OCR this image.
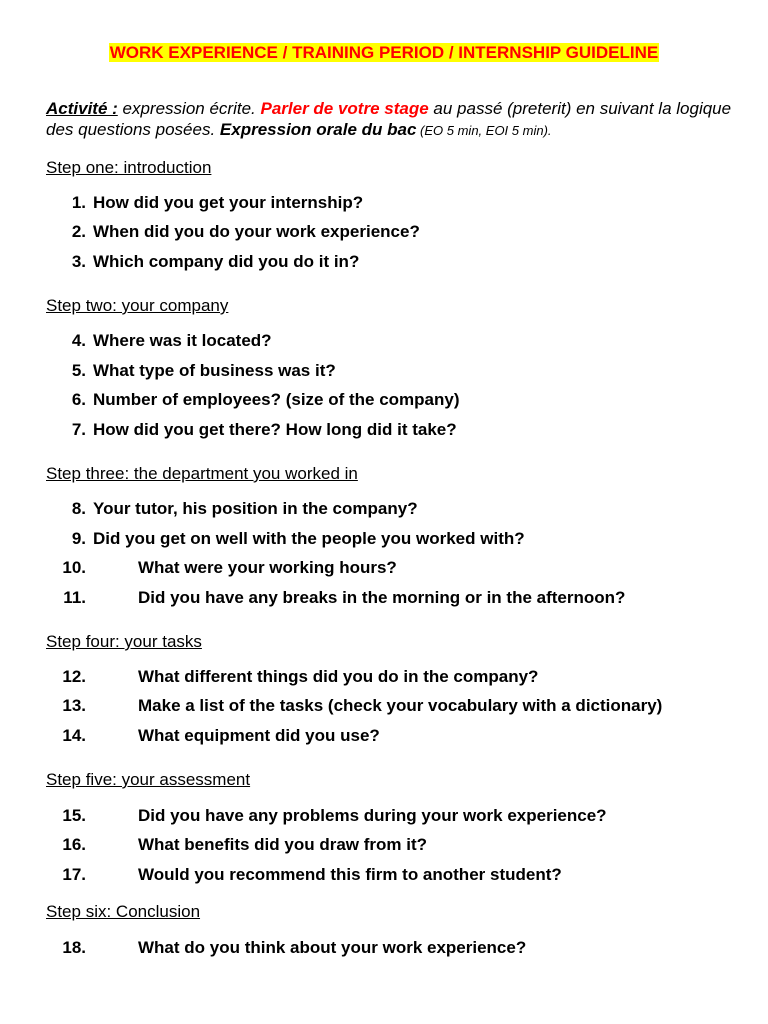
WORK EXPERIENCE / TRAINING PERIOD / INTERNSHIP GUIDELINE
Activité : expression écrite. Parler de votre stage au passé (preterit) en suivant la logique des questions posées. Expression orale du bac (EO 5 min, EOI 5 min).
Step one: introduction
1. How did you get your internship?
2. When did you do your work experience?
3. Which company did you do it in?
Step two: your company
4. Where was it located?
5. What type of business was it?
6. Number of employees? (size of the company)
7. How did you get there? How long did it take?
Step three: the department you worked in
8. Your tutor, his position in the company?
9. Did you get on well with the people you worked with?
10.	What were your working hours?
11.	Did you have any breaks in the morning or in the afternoon?
Step four: your tasks
12.	What different things did you do in the company?
13.	Make a list of the tasks (check your vocabulary with a dictionary)
14.	What equipment did you use?
Step five: your assessment
15.	Did you have any problems during your work experience?
16.	What benefits did you draw from it?
17.	Would you recommend this firm to another student?
Step six: Conclusion
18.	What do you think about your work experience?
